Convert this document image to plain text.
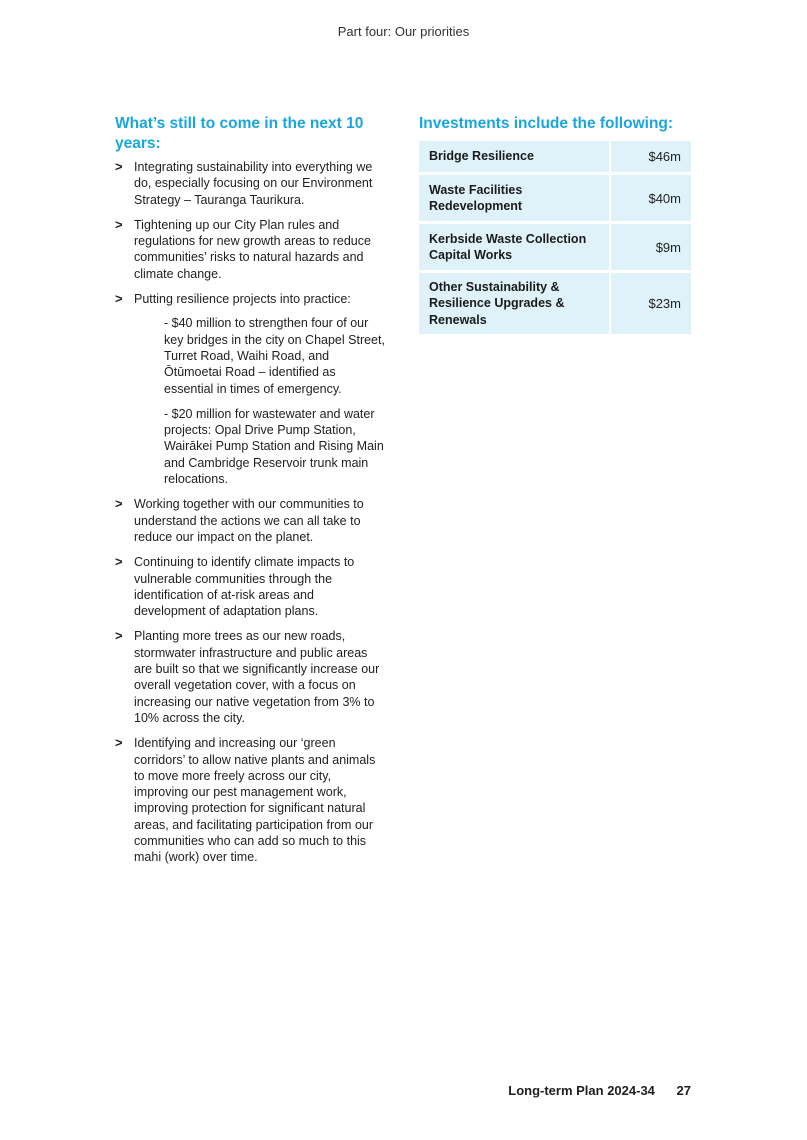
Part four: Our priorities
What’s still to come in the next 10 years:
> Integrating sustainability into everything we do, especially focusing on our Environment Strategy – Tauranga Taurikura.
> Tightening up our City Plan rules and regulations for new growth areas to reduce communities’ risks to natural hazards and climate change.
> Putting resilience projects into practice:
- $40 million to strengthen four of our key bridges in the city on Chapel Street, Turret Road, Waihi Road, and Ōtūmoetai Road – identified as essential in times of emergency.
- $20 million for wastewater and water projects: Opal Drive Pump Station, Wairākei Pump Station and Rising Main and Cambridge Reservoir trunk main relocations.
> Working together with our communities to understand the actions we can all take to reduce our impact on the planet.
> Continuing to identify climate impacts to vulnerable communities through the identification of at-risk areas and development of adaptation plans.
> Planting more trees as our new roads, stormwater infrastructure and public areas are built so that we significantly increase our overall vegetation cover, with a focus on increasing our native vegetation from 3% to 10% across the city.
> Identifying and increasing our ‘green corridors’ to allow native plants and animals to move more freely across our city, improving our pest management work, improving protection for significant natural areas, and facilitating participation from our communities who can add so much to this mahi (work) over time.
Investments include the following:
Bridge Resilience	$46m
Waste Facilities Redevelopment
$40m
Kerbside Waste Collection Capital Works
$9m
Other Sustainability & Resilience Upgrades & Renewals
$23m
Long-term Plan 2024-34 27
